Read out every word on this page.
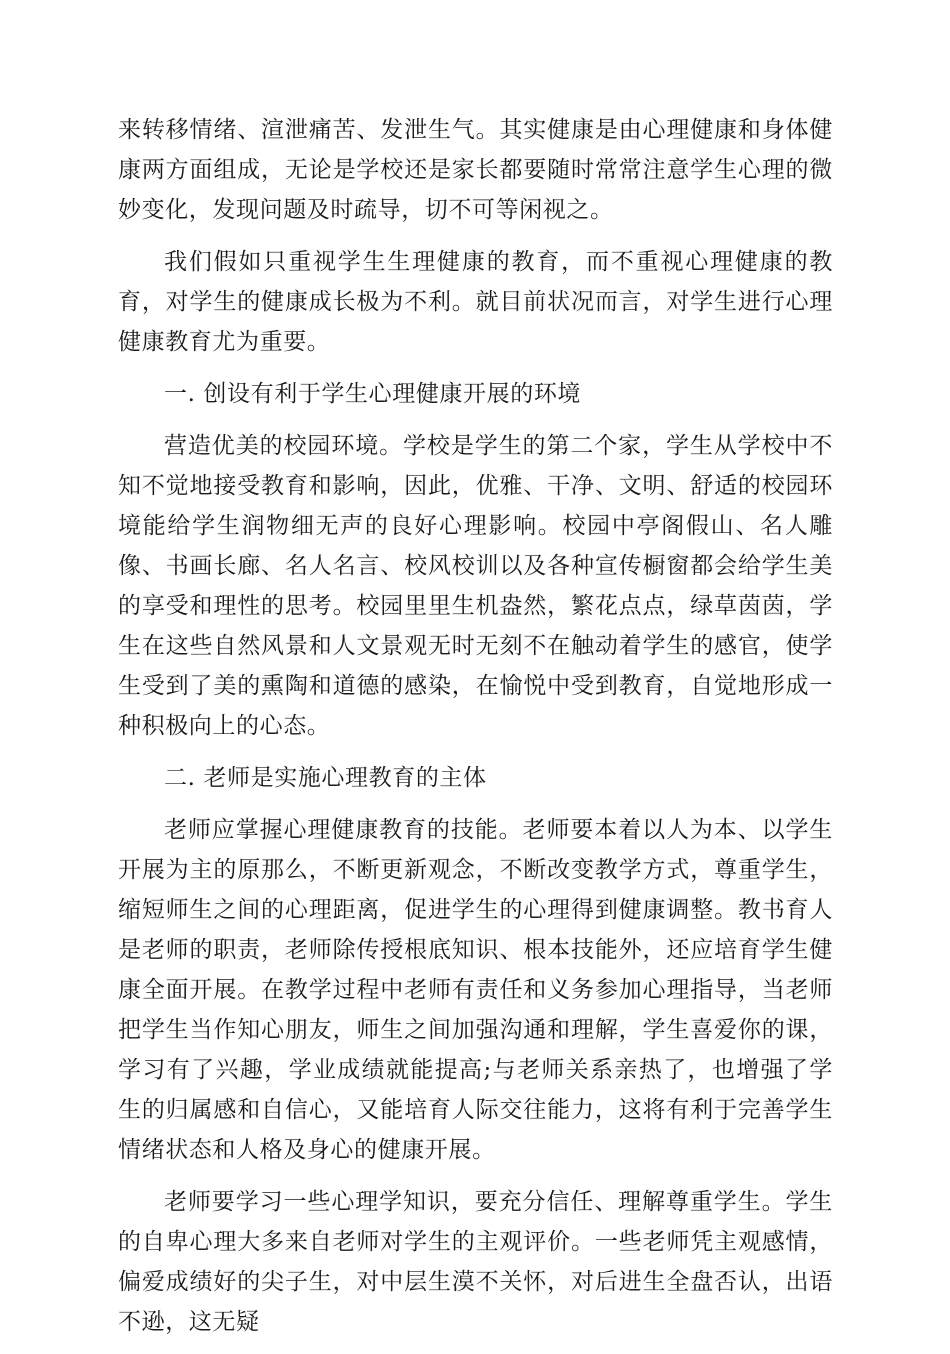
来转移情绪、渲泄痛苦、发泄生气。其实健康是由心理健康和身体健康两方面组成，无论是学校还是家长都要随时常常注意学生心理的微妙变化，发现问题及时疏导，切不可等闲视之。

我们假如只重视学生生理健康的教育，而不重视心理健康的教育，对学生的健康成长极为不利。就目前状况而言，对学生进行心理健康教育尤为重要。

一. 创设有利于学生心理健康开展的环境

营造优美的校园环境。学校是学生的第二个家，学生从学校中不知不觉地接受教育和影响，因此，优雅、干净、文明、舒适的校园环境能给学生润物细无声的良好心理影响。校园中亭阁假山、名人雕像、书画长廊、名人名言、校风校训以及各种宣传橱窗都会给学生美的享受和理性的思考。校园里里生机盎然，繁花点点，绿草茵茵，学生在这些自然风景和人文景观无时无刻不在触动着学生的感官，使学生受到了美的熏陶和道德的感染，在愉悦中受到教育，自觉地形成一种积极向上的心态。

二. 老师是实施心理教育的主体

老师应掌握心理健康教育的技能。老师要本着以人为本、以学生开展为主的原那么，不断更新观念，不断改变教学方式，尊重学生，缩短师生之间的心理距离，促进学生的心理得到健康调整。教书育人是老师的职责，老师除传授根底知识、根本技能外，还应培育学生健康全面开展。在教学过程中老师有责任和义务参加心理指导，当老师把学生当作知心朋友，师生之间加强沟通和理解，学生喜爱你的课，学习有了兴趣，学业成绩就能提高;与老师关系亲热了，也增强了学生的归属感和自信心，又能培育人际交往能力，这将有利于完善学生情绪状态和人格及身心的健康开展。

老师要学习一些心理学知识，要充分信任、理解尊重学生。学生的自卑心理大多来自老师对学生的主观评价。一些老师凭主观感情，偏爱成绩好的尖子生，对中层生漠不关怀，对后进生全盘否认，出语不逊，这无疑
